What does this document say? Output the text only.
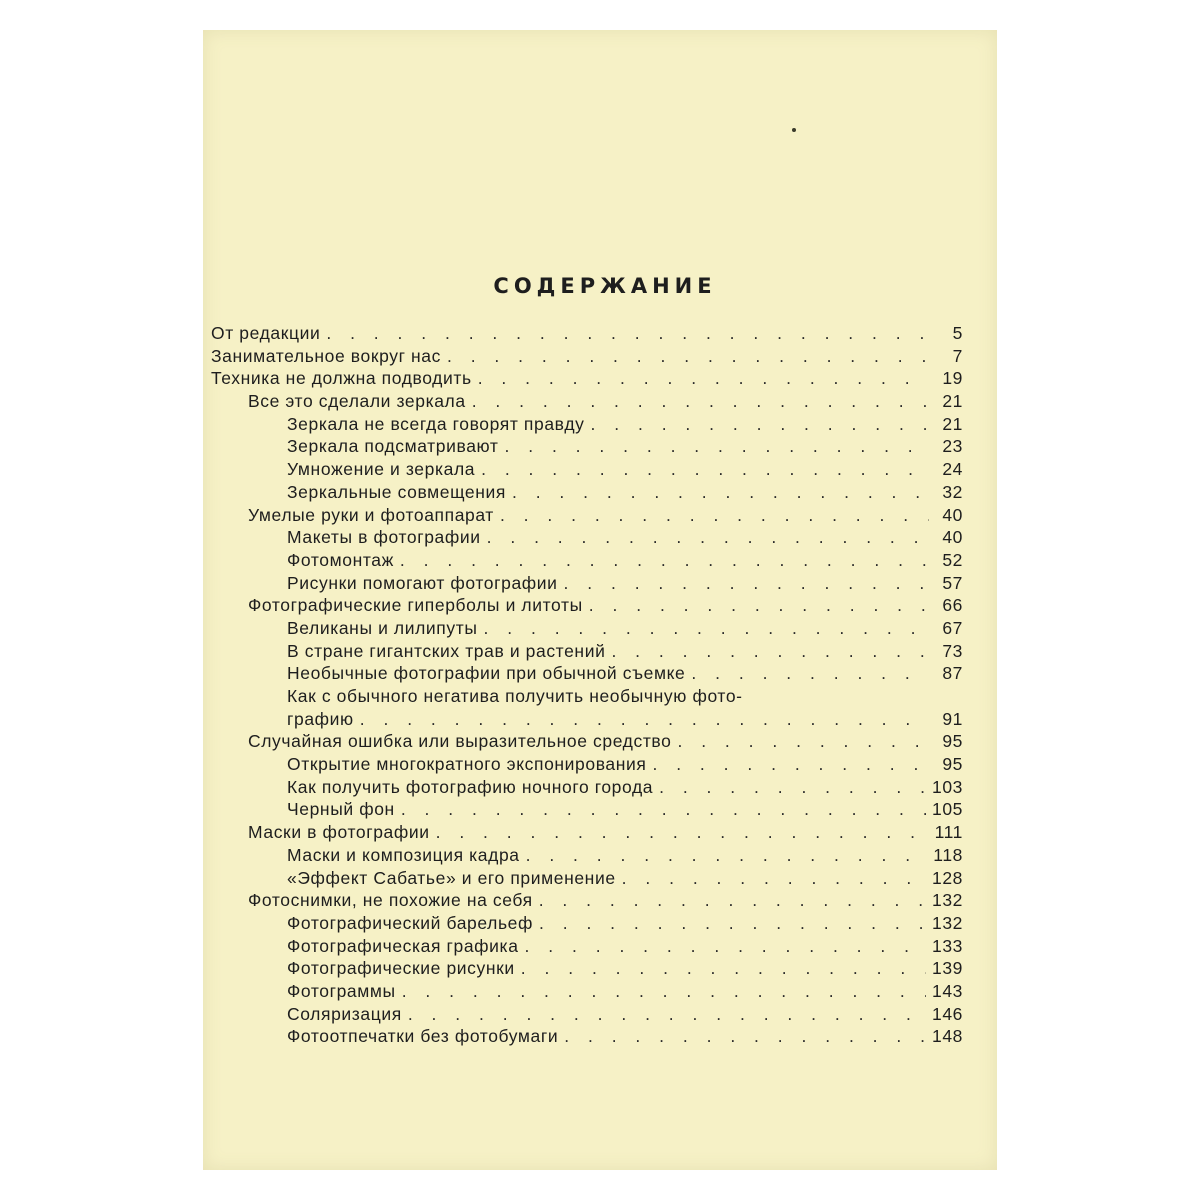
СОДЕРЖАНИЕ
От редакции . . .	5
Занимательное вокруг нас . . .	7
Техника не должна подводить . . .	19
Все это сделали зеркала . . .	21
Зеркала не всегда говорят правду . . .	21
Зеркала подсматривают . . .	23
Умножение и зеркала . . .	24
Зеркальные совмещения . . .	32
Умелые руки и фотоаппарат . . .	40
Макеты в фотографии . . .	40
Фотомонтаж . . .	52
Рисунки помогают фотографии . . .	57
Фотографические гиперболы и литоты . . .	66
Великаны и лилипуты . . .	67
В стране гигантских трав и растений . . .	73
Необычные фотографии при обычной съемке . . .	87
Как с обычного негатива получить необычную фото-
графию . . .	91
Случайная ошибка или выразительное средство . . .	95
Открытие многократного экспонирования . . .	95
Как получить фотографию ночного города . . .	103
Черный фон . . .	105
Маски в фотографии . . .	111
Маски и композиция кадра . . .	118
«Эффект Сабатье» и его применение . . .	128
Фотоснимки, не похожие на себя . . .	132
Фотографический барельеф . . .	132
Фотографическая графика . . .	133
Фотографические рисунки . . .	139
Фотограммы . . .	143
Соляризация . . .	146
Фотоотпечатки без фотобумаги . . .	148
